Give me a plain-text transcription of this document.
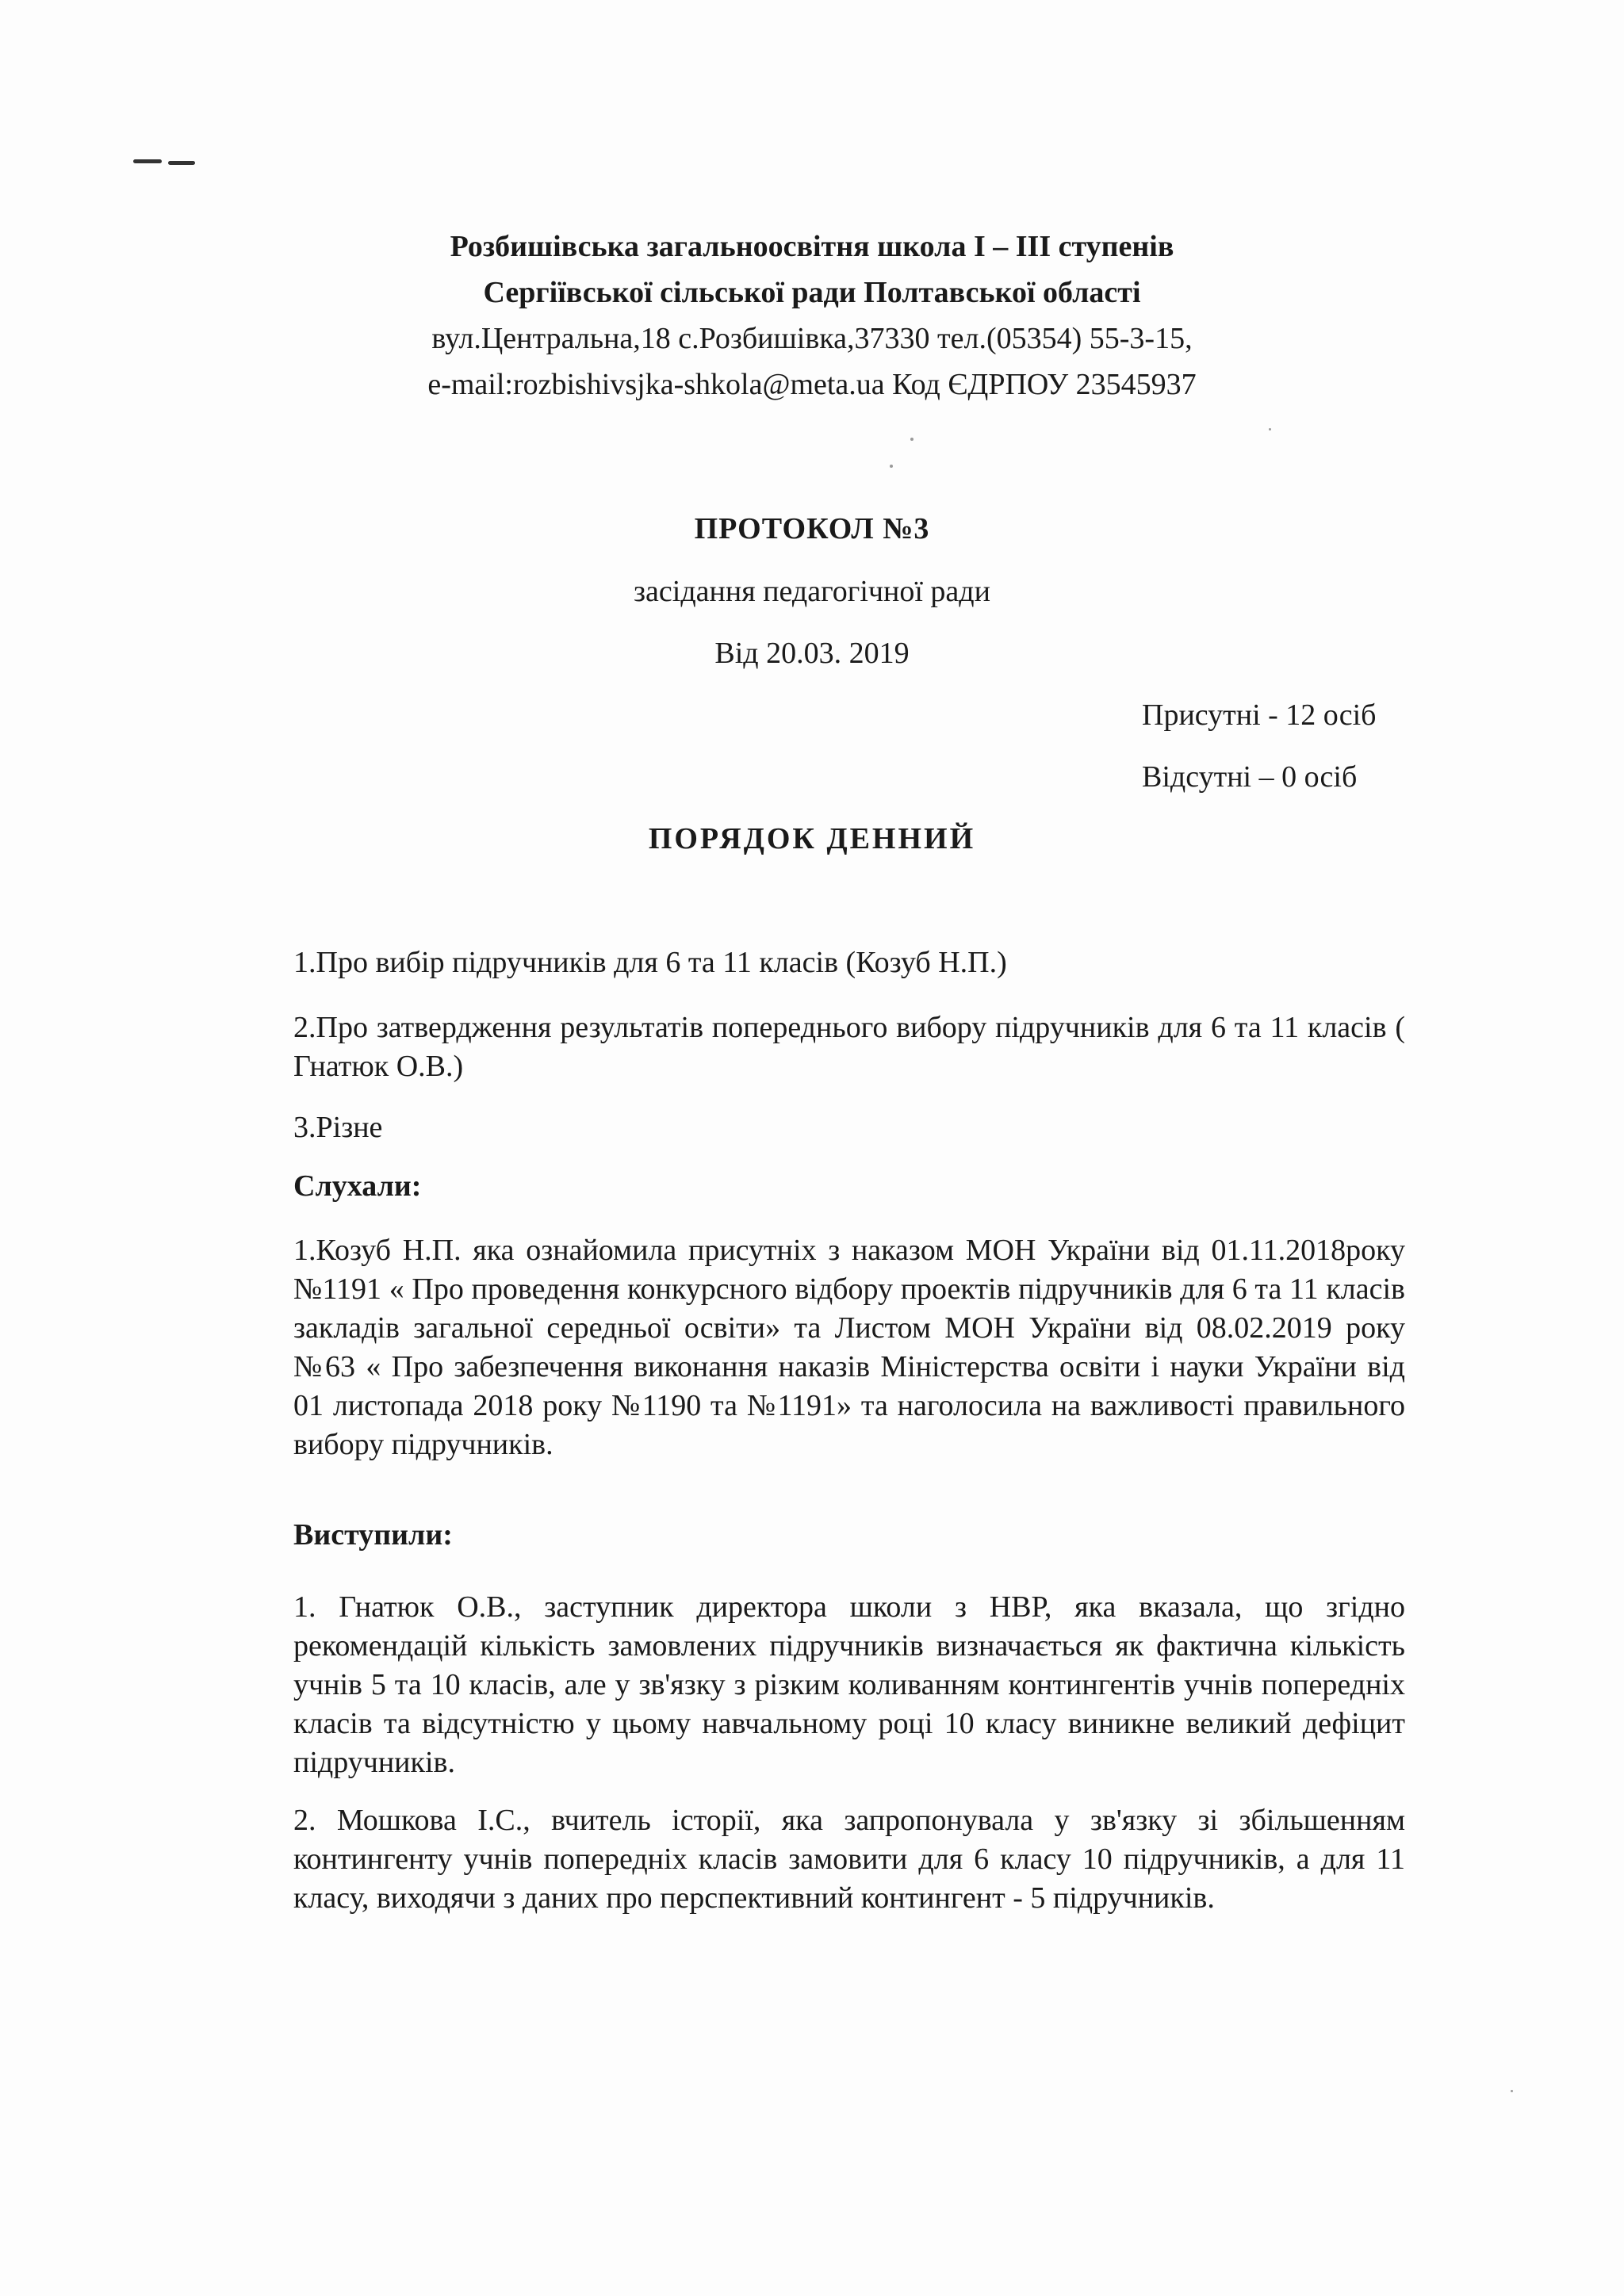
Розбишівська загальноосвітня школа І – ІІІ ступенів
Сергіївської сільської ради Полтавської області
вул.Центральна,18 с.Розбишівка,37330 тел.(05354) 55-3-15,
e-mail:rozbishivsjka-shkola@meta.ua Код ЄДРПОУ 23545937
ПРОТОКОЛ №3
засідання педагогічної ради
Від 20.03. 2019
Присутні - 12 осіб
Відсутні – 0 осіб
ПОРЯДОК ДЕННИЙ
1.Про вибір підручників для 6 та 11 класів (Козуб Н.П.)
2.Про затвердження результатів попереднього вибору підручників для 6 та 11 класів ( Гнатюк О.В.)
3.Різне
Слухали:
1.Козуб Н.П. яка ознайомила присутніх з наказом МОН України від 01.11.2018року №1191 « Про проведення конкурсного відбору проектів підручників для 6 та 11 класів закладів загальної середньої освіти» та Листом МОН України від 08.02.2019 року №63 « Про забезпечення виконання наказів Міністерства освіти і науки України від 01 листопада 2018 року №1190 та №1191» та наголосила на важливості правильного вибору підручників.
Виступили:
1. Гнатюк О.В., заступник директора школи з НВР, яка вказала, що згідно рекомендацій кількість замовлених підручників визначається як фактична кількість учнів 5 та 10 класів, але у зв'язку з різким коливанням контингентів учнів попередніх класів та відсутністю у цьому навчальному році 10 класу виникне великий дефіцит підручників.
2. Мошкова І.С., вчитель історії, яка запропонувала у зв'язку зі збільшенням контингенту учнів попередніх класів замовити для 6 класу 10 підручників, а для 11 класу, виходячи з даних про перспективний контингент - 5 підручників.
